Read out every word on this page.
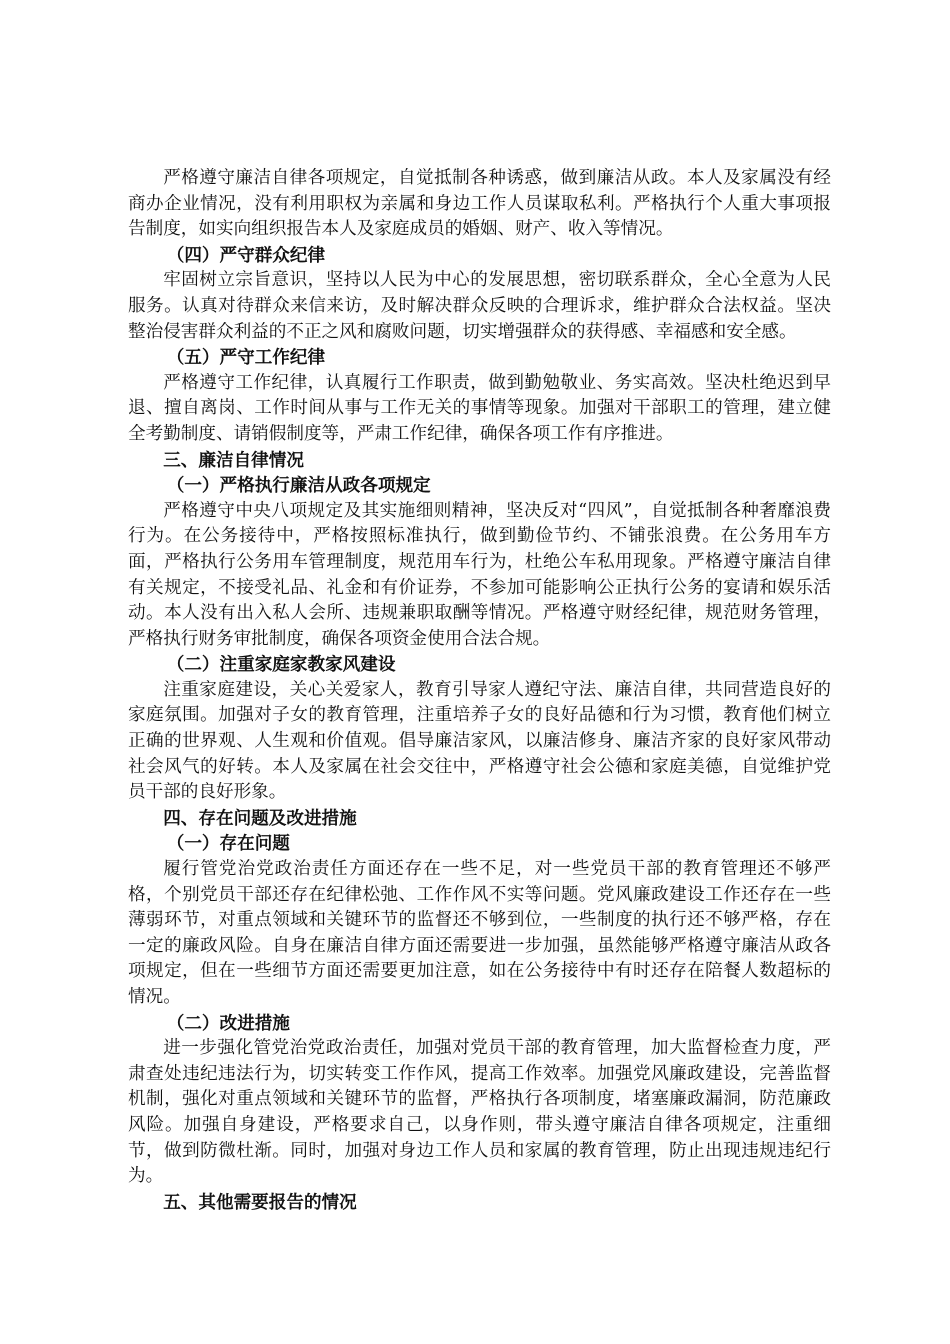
严格遵守廉洁自律各项规定，自觉抵制各种诱惑，做到廉洁从政。本人及家属没有经商办企业情况，没有利用职权为亲属和身边工作人员谋取私利。严格执行个人重大事项报告制度，如实向组织报告本人及家庭成员的婚姻、财产、收入等情况。

（四）严守群众纪律

牢固树立宗旨意识，坚持以人民为中心的发展思想，密切联系群众，全心全意为人民服务。认真对待群众来信来访，及时解决群众反映的合理诉求，维护群众合法权益。坚决整治侵害群众利益的不正之风和腐败问题，切实增强群众的获得感、幸福感和安全感。

（五）严守工作纪律

严格遵守工作纪律，认真履行工作职责，做到勤勉敬业、务实高效。坚决杜绝迟到早退、擅自离岗、工作时间从事与工作无关的事情等现象。加强对干部职工的管理，建立健全考勤制度、请销假制度等，严肃工作纪律，确保各项工作有序推进。

三、廉洁自律情况

（一）严格执行廉洁从政各项规定

严格遵守中央八项规定及其实施细则精神，坚决反对“四风”，自觉抵制各种奢靡浪费行为。在公务接待中，严格按照标准执行，做到勤俭节约、不铺张浪费。在公务用车方面，严格执行公务用车管理制度，规范用车行为，杜绝公车私用现象。严格遵守廉洁自律有关规定，不接受礼品、礼金和有价证券，不参加可能影响公正执行公务的宴请和娱乐活动。本人没有出入私人会所、违规兼职取酬等情况。严格遵守财经纪律，规范财务管理，严格执行财务审批制度，确保各项资金使用合法合规。

（二）注重家庭家教家风建设

注重家庭建设，关心关爱家人，教育引导家人遵纪守法、廉洁自律，共同营造良好的家庭氛围。加强对子女的教育管理，注重培养子女的良好品德和行为习惯，教育他们树立正确的世界观、人生观和价值观。倡导廉洁家风，以廉洁修身、廉洁齐家的良好家风带动社会风气的好转。本人及家属在社会交往中，严格遵守社会公德和家庭美德，自觉维护党员干部的良好形象。

四、存在问题及改进措施

（一）存在问题

履行管党治党政治责任方面还存在一些不足，对一些党员干部的教育管理还不够严格，个别党员干部还存在纪律松弛、工作作风不实等问题。党风廉政建设工作还存在一些薄弱环节，对重点领域和关键环节的监督还不够到位，一些制度的执行还不够严格，存在一定的廉政风险。自身在廉洁自律方面还需要进一步加强，虽然能够严格遵守廉洁从政各项规定，但在一些细节方面还需要更加注意，如在公务接待中有时还存在陪餐人数超标的情况。

（二）改进措施

进一步强化管党治党政治责任，加强对党员干部的教育管理，加大监督检查力度，严肃查处违纪违法行为，切实转变工作作风，提高工作效率。加强党风廉政建设，完善监督机制，强化对重点领域和关键环节的监督，严格执行各项制度，堵塞廉政漏洞，防范廉政风险。加强自身建设，严格要求自己，以身作则，带头遵守廉洁自律各项规定，注重细节，做到防微杜渐。同时，加强对身边工作人员和家属的教育管理，防止出现违规违纪行为。

五、其他需要报告的情况
